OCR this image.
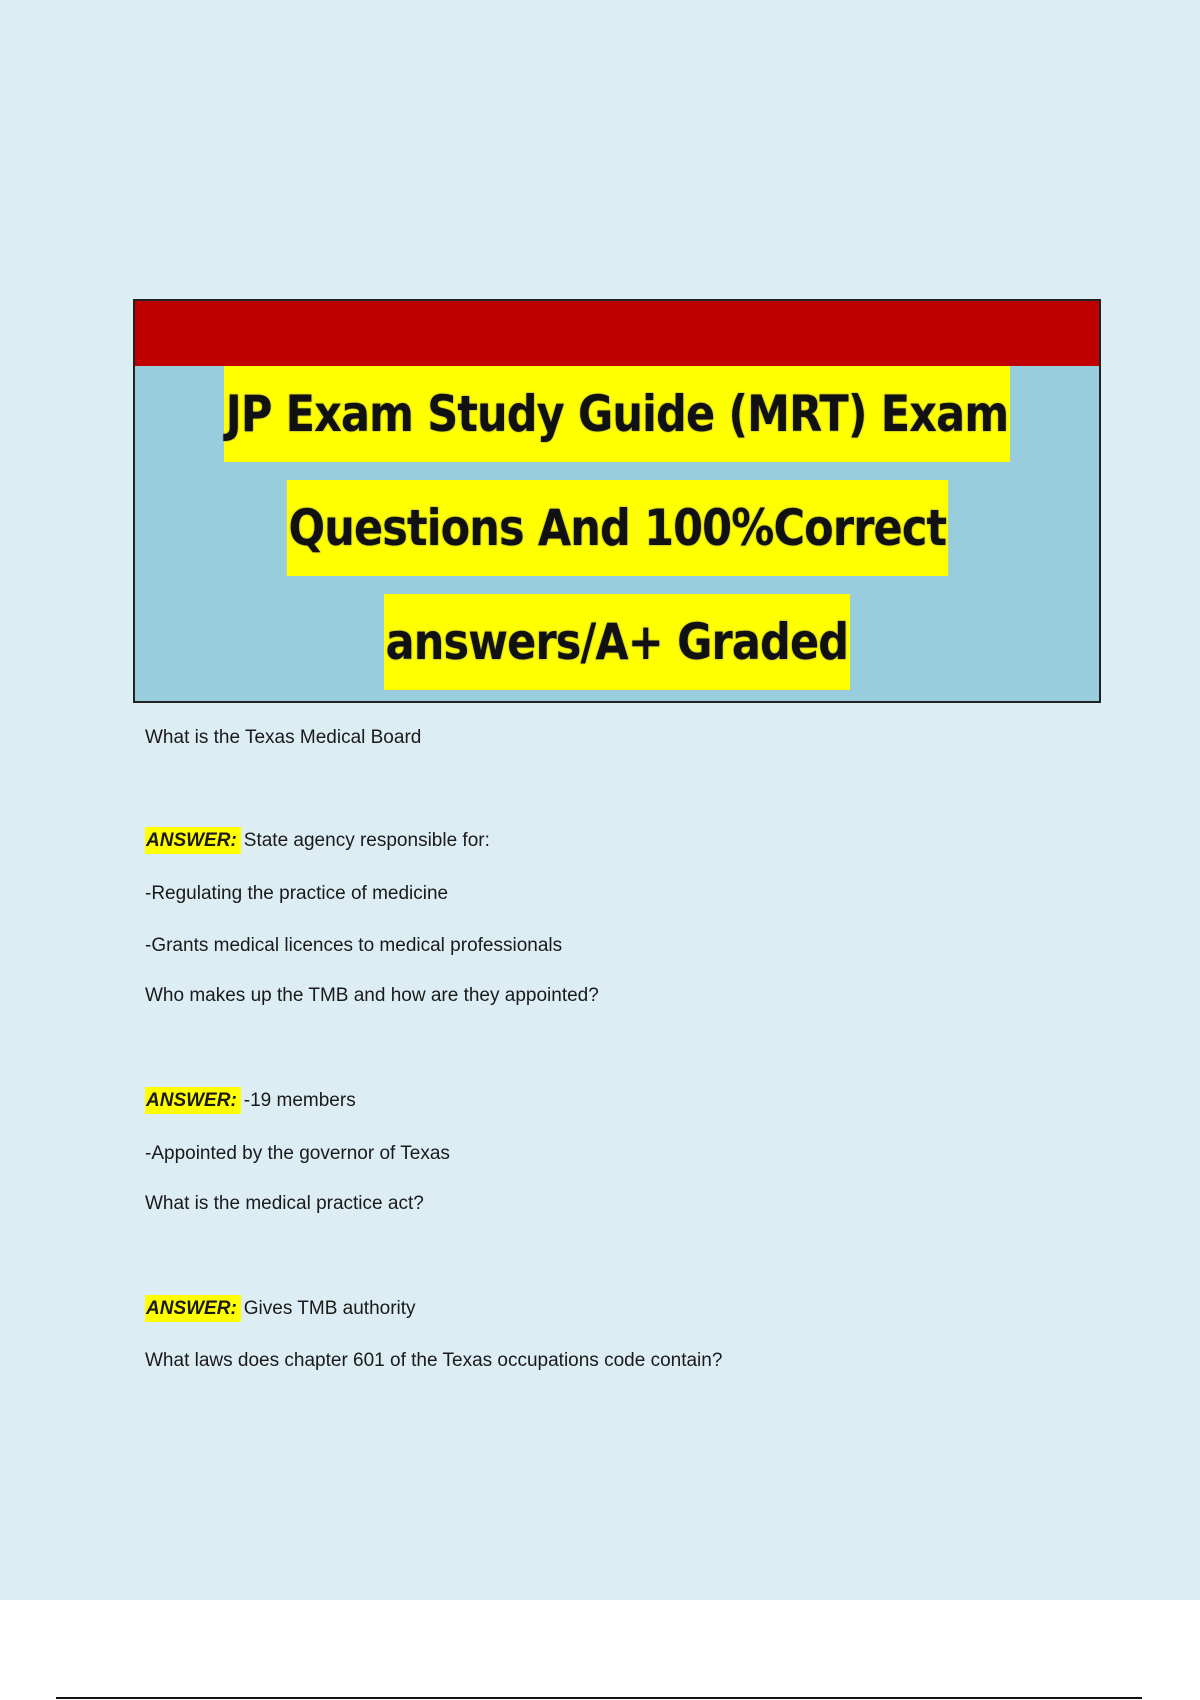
JP Exam Study Guide (MRT) Exam
Questions And 100%Correct
answers/A+ Graded
What is the Texas Medical Board
ANSWER: State agency responsible for:
-Regulating the practice of medicine
-Grants medical licences to medical professionals
Who makes up the TMB and how are they appointed?
ANSWER: -19 members
-Appointed by the governor of Texas
What is the medical practice act?
ANSWER: Gives TMB authority
What laws does chapter 601 of the Texas occupations code contain?
